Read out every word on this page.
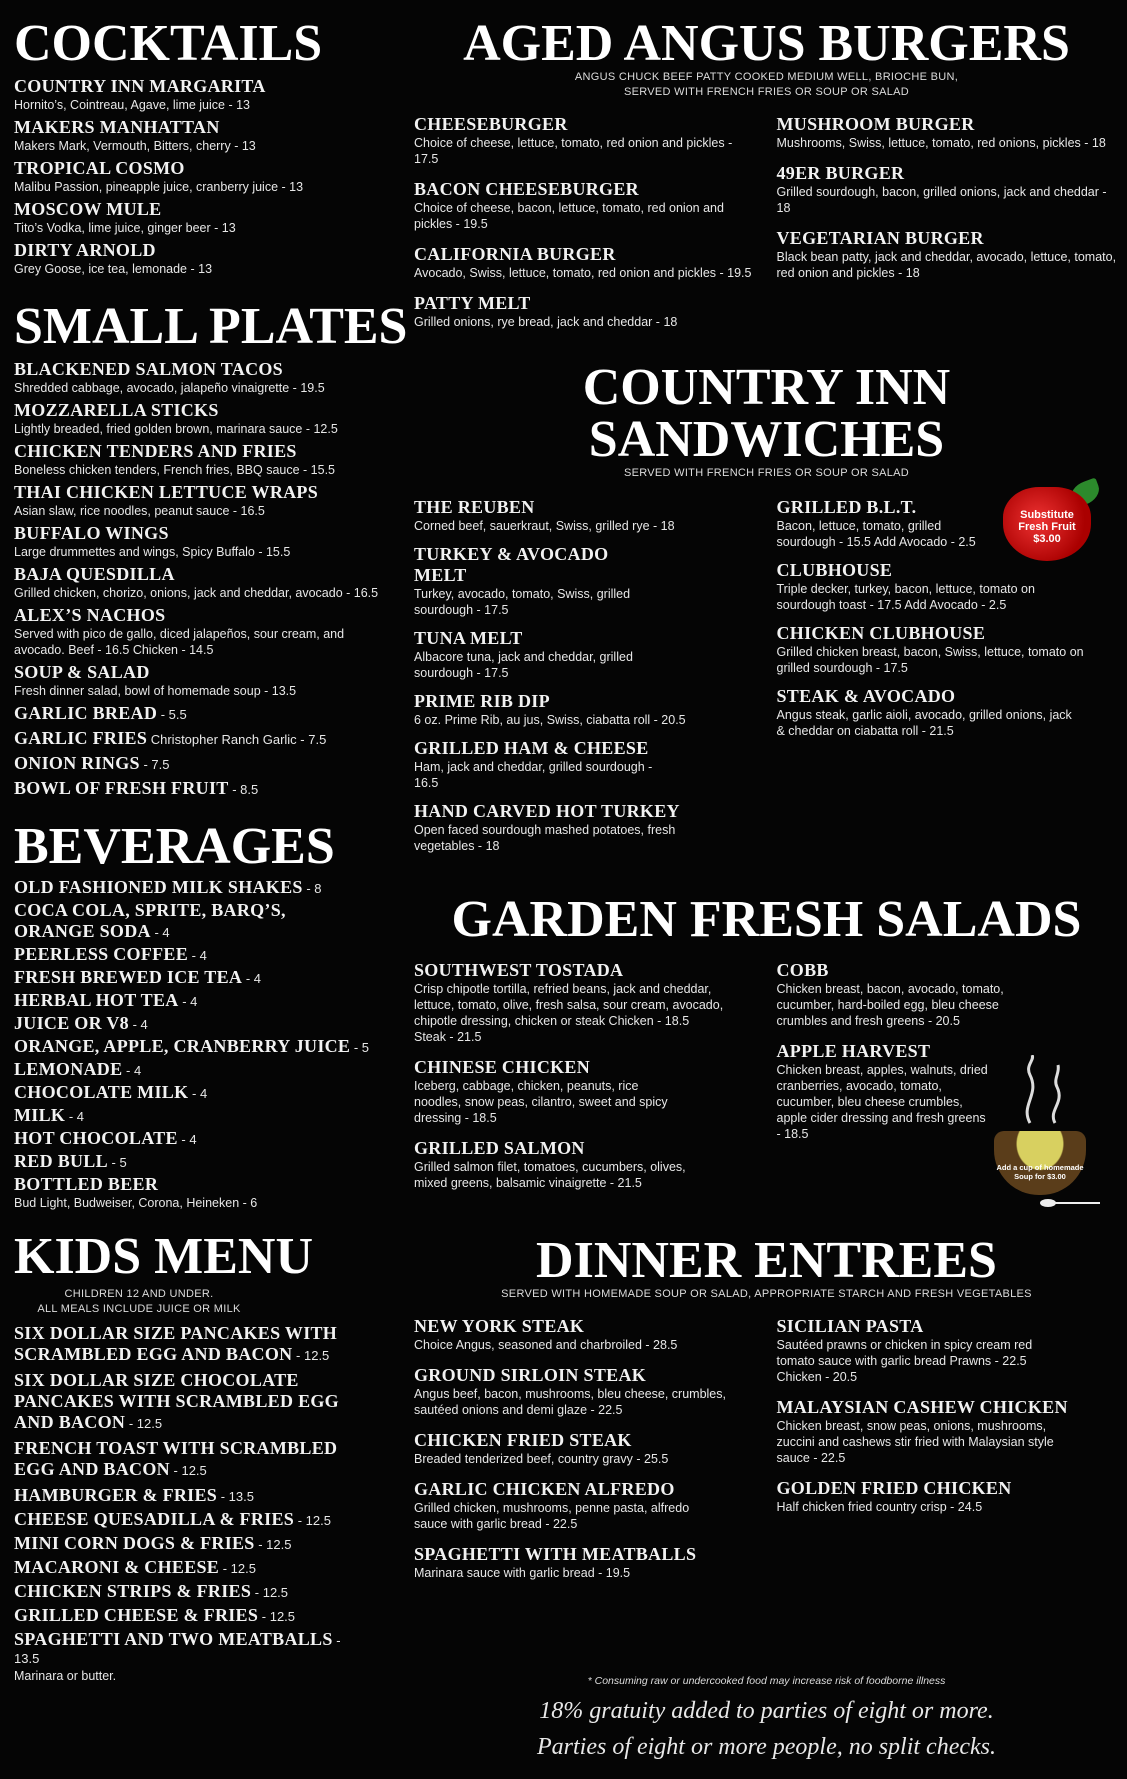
COCKTAILS
COUNTRY INN MARGARITA
Hornito’s, Cointreau, Agave, lime juice - 13
MAKERS MANHATTAN
Makers Mark, Vermouth, Bitters, cherry - 13
TROPICAL COSMO
Malibu Passion, pineapple juice, cranberry juice - 13
MOSCOW MULE
Tito’s Vodka, lime juice, ginger beer - 13
DIRTY ARNOLD
Grey Goose, ice tea, lemonade - 13
SMALL PLATES
BLACKENED SALMON TACOS
Shredded cabbage, avocado, jalapeño vinaigrette - 19.5
MOZZARELLA STICKS
Lightly breaded, fried golden brown, marinara sauce - 12.5
CHICKEN TENDERS AND FRIES
Boneless chicken tenders, French fries, BBQ sauce - 15.5
THAI CHICKEN LETTUCE WRAPS
Asian slaw, rice noodles, peanut sauce - 16.5
BUFFALO WINGS
Large drummettes and wings, Spicy Buffalo - 15.5
BAJA QUESDILLA
Grilled chicken, chorizo, onions, jack and cheddar, avocado - 16.5
ALEX’S NACHOS
Served with pico de gallo, diced jalapeños, sour cream, and avocado. Beef - 16.5 Chicken - 14.5
SOUP & SALAD
Fresh dinner salad, bowl of homemade soup - 13.5
GARLIC BREAD - 5.5
GARLIC FRIES Christopher Ranch Garlic - 7.5
ONION RINGS - 7.5
BOWL OF FRESH FRUIT - 8.5
BEVERAGES
OLD FASHIONED MILK SHAKES - 8
COCA COLA, SPRITE, BARQ’S, ORANGE SODA - 4
PEERLESS COFFEE - 4
FRESH BREWED ICE TEA - 4
HERBAL HOT TEA - 4
JUICE OR V8 - 4
ORANGE, APPLE, CRANBERRY JUICE - 5
LEMONADE - 4
CHOCOLATE MILK - 4
MILK - 4
HOT CHOCOLATE - 4
RED BULL - 5
BOTTLED BEER
Bud Light, Budweiser, Corona, Heineken - 6
KIDS MENU
CHILDREN 12 AND UNDER.
ALL MEALS INCLUDE JUICE OR MILK
SIX DOLLAR SIZE PANCAKES WITH SCRAMBLED EGG AND BACON - 12.5
SIX DOLLAR SIZE CHOCOLATE PANCAKES WITH SCRAMBLED EGG AND BACON - 12.5
FRENCH TOAST WITH SCRAMBLED EGG AND BACON - 12.5
HAMBURGER & FRIES - 13.5
CHEESE QUESADILLA & FRIES - 12.5
MINI CORN DOGS & FRIES - 12.5
MACARONI & CHEESE - 12.5
CHICKEN STRIPS & FRIES - 12.5
GRILLED CHEESE & FRIES - 12.5
SPAGHETTI AND TWO MEATBALLS - 13.5
Marinara or butter.
AGED ANGUS BURGERS
ANGUS CHUCK BEEF PATTY COOKED MEDIUM WELL, BRIOCHE BUN,
SERVED WITH FRENCH FRIES OR SOUP OR SALAD
CHEESEBURGER
Choice of cheese, lettuce, tomato, red onion and pickles - 17.5
BACON CHEESEBURGER
Choice of cheese, bacon, lettuce, tomato, red onion and pickles - 19.5
CALIFORNIA BURGER
Avocado, Swiss, lettuce, tomato, red onion and pickles - 19.5
PATTY MELT
Grilled onions, rye bread, jack and cheddar - 18
MUSHROOM BURGER
Mushrooms, Swiss, lettuce, tomato, red onions, pickles - 18
49ER BURGER
Grilled sourdough, bacon, grilled onions, jack and cheddar - 18
VEGETARIAN BURGER
Black bean patty, jack and cheddar, avocado, lettuce, tomato, red onion and pickles - 18
COUNTRY INN SANDWICHES
SERVED WITH FRENCH FRIES OR SOUP OR SALAD
THE REUBEN
Corned beef, sauerkraut, Swiss, grilled rye - 18
TURKEY & AVOCADO MELT
Turkey, avocado, tomato, Swiss, grilled sourdough - 17.5
TUNA MELT
Albacore tuna, jack and cheddar, grilled sourdough - 17.5
PRIME RIB DIP
6 oz. Prime Rib, au jus, Swiss, ciabatta roll - 20.5
GRILLED HAM & CHEESE
Ham, jack and cheddar, grilled sourdough - 16.5
HAND CARVED HOT TURKEY
Open faced sourdough mashed potatoes, fresh vegetables - 18
GRILLED B.L.T.
Bacon, lettuce, tomato, grilled sourdough - 15.5 Add Avocado - 2.5
CLUBHOUSE
Triple decker, turkey, bacon, lettuce, tomato on sourdough toast - 17.5 Add Avocado - 2.5
CHICKEN CLUBHOUSE
Grilled chicken breast, bacon, Swiss, lettuce, tomato on grilled sourdough - 17.5
STEAK & AVOCADO
Angus steak, garlic aioli, avocado, grilled onions, jack & cheddar on ciabatta roll - 21.5
GARDEN FRESH SALADS
SOUTHWEST TOSTADA
Crisp chipotle tortilla, refried beans, jack and cheddar, lettuce, tomato, olive, fresh salsa, sour cream, avocado, chipotle dressing, chicken or steak Chicken - 18.5 Steak - 21.5
CHINESE CHICKEN
Iceberg, cabbage, chicken, peanuts, rice noodles, snow peas, cilantro, sweet and spicy dressing - 18.5
GRILLED SALMON
Grilled salmon filet, tomatoes, cucumbers, olives, mixed greens, balsamic vinaigrette - 21.5
COBB
Chicken breast, bacon, avocado, tomato, cucumber, hard-boiled egg, bleu cheese crumbles and fresh greens - 20.5
APPLE HARVEST
Chicken breast, apples, walnuts, dried cranberries, avocado, tomato, cucumber, bleu cheese crumbles, apple cider dressing and fresh greens - 18.5
DINNER ENTREES
SERVED WITH HOMEMADE SOUP OR SALAD, APPROPRIATE STARCH AND FRESH VEGETABLES
NEW YORK STEAK
Choice Angus, seasoned and charbroiled - 28.5
GROUND SIRLOIN STEAK
Angus beef, bacon, mushrooms, bleu cheese, crumbles, sautéed onions and demi glaze - 22.5
CHICKEN FRIED STEAK
Breaded tenderized beef, country gravy - 25.5
GARLIC CHICKEN ALFREDO
Grilled chicken, mushrooms, penne pasta, alfredo sauce with garlic bread - 22.5
SPAGHETTI WITH MEATBALLS
Marinara sauce with garlic bread - 19.5
SICILIAN PASTA
Sautéed prawns or chicken in spicy cream red tomato sauce with garlic bread Prawns - 22.5 Chicken - 20.5
MALAYSIAN CASHEW CHICKEN
Chicken breast, snow peas, onions, mushrooms, zuccini and cashews stir fried with Malaysian style sauce - 22.5
GOLDEN FRIED CHICKEN
Half chicken fried country crisp - 24.5
Substitute
Fresh Fruit
$3.00
Add a cup of homemade Soup for $3.00
* Consuming raw or undercooked food may increase risk of foodborne illness
18% gratuity added to parties of eight or more.
Parties of eight or more people, no split checks.
